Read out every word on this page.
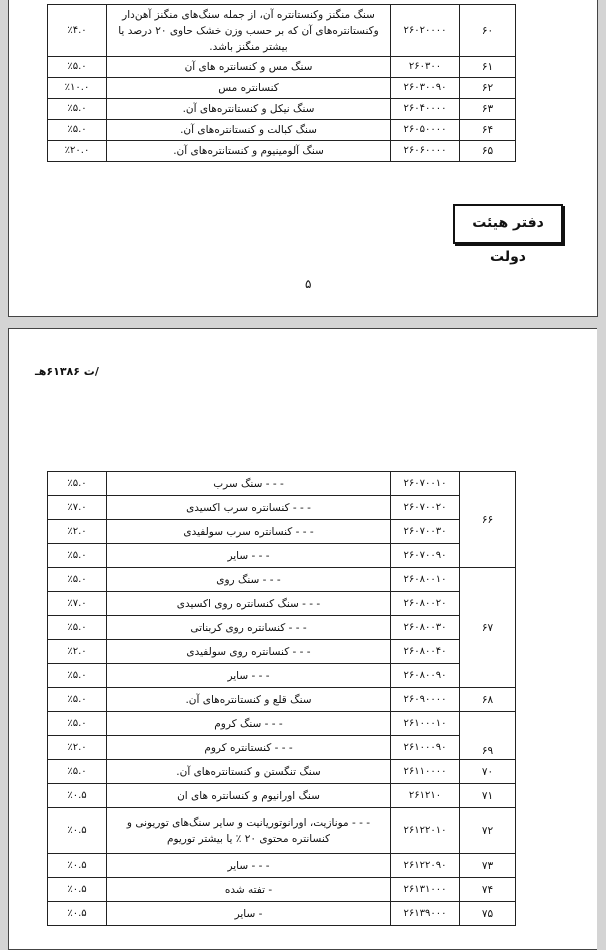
۶۰	۲۶۰۲۰۰۰۰	سنگ منگنز وکنستانتره آن، از جمله سنگ‌های منگنز آهن‌دار وکنستانتره‌های آن که بر حسب وزن خشک حاوی ۲۰ درصد یا بیشتر منگنز باشد.	٪۴.۰
۶۱	۲۶۰۳۰۰	سنگ مس و کنسانتره های آن	٪۵.۰
۶۲	۲۶۰۳۰۰۹۰	کنسانتره مس	٪۱۰.۰
۶۳	۲۶۰۴۰۰۰۰	سنگ نیکل و کنستانتره‌های آن.	٪۵.۰
۶۴	۲۶۰۵۰۰۰۰	سنگ کبالت و کنستانتره‌های آن.	٪۵.۰
۶۵	۲۶۰۶۰۰۰۰	سنگ آلومینیوم و کنستانتره‌های آن.	٪۲۰.۰
دفتر هیئت دولت
۵
/ت ۶۱۳۸۶هـ
۶۶	۲۶۰۷۰۰۱۰	- - - سنگ سرب	٪۵.۰
	۲۶۰۷۰۰۲۰	- - - کنسانتره سرب اکسیدی	٪۷.۰
	۲۶۰۷۰۰۳۰	- - - کنسانتره سرب سولفیدی	٪۲.۰
	۲۶۰۷۰۰۹۰	- - - سایر	٪۵.۰
۶۷	۲۶۰۸۰۰۱۰	- - - سنگ روی	٪۵.۰
	۲۶۰۸۰۰۲۰	- - - سنگ کنسانتره روی اکسیدی	٪۷.۰
	۲۶۰۸۰۰۳۰	- - - کنسانتره روی کربناتی	٪۵.۰
	۲۶۰۸۰۰۴۰	- - - کنسانتره روی سولفیدی	٪۲.۰
	۲۶۰۸۰۰۹۰	- - - سایر	٪۵.۰
۶۸	۲۶۰۹۰۰۰۰	سنگ قلع و کنستانتره‌های آن.	٪۵.۰
۶۹	۲۶۱۰۰۰۱۰	- - - سنگ کروم	٪۵.۰
	۲۶۱۰۰۰۹۰	- - - کنستانتره کروم	٪۲.۰
۷۰	۲۶۱۱۰۰۰۰	سنگ تنگستن و کنستانتره‌های آن.	٪۵.۰
۷۱	۲۶۱۲۱۰	سنگ اورانیوم و کنسانتره های ان	٪۰.۵
۷۲	۲۶۱۲۲۰۱۰	- - - مونازیت، اورانوتوریانیت و سایر سنگ‌های توریونی و کنسانتره محتوی ۲۰ ٪ یا بیشتر توریوم	٪۰.۵
۷۳	۲۶۱۲۲۰۹۰	- - - سایر	٪۰.۵
۷۴	۲۶۱۳۱۰۰۰	- تفته شده	٪۰.۵
۷۵	۲۶۱۳۹۰۰۰	- سایر	٪۰.۵
